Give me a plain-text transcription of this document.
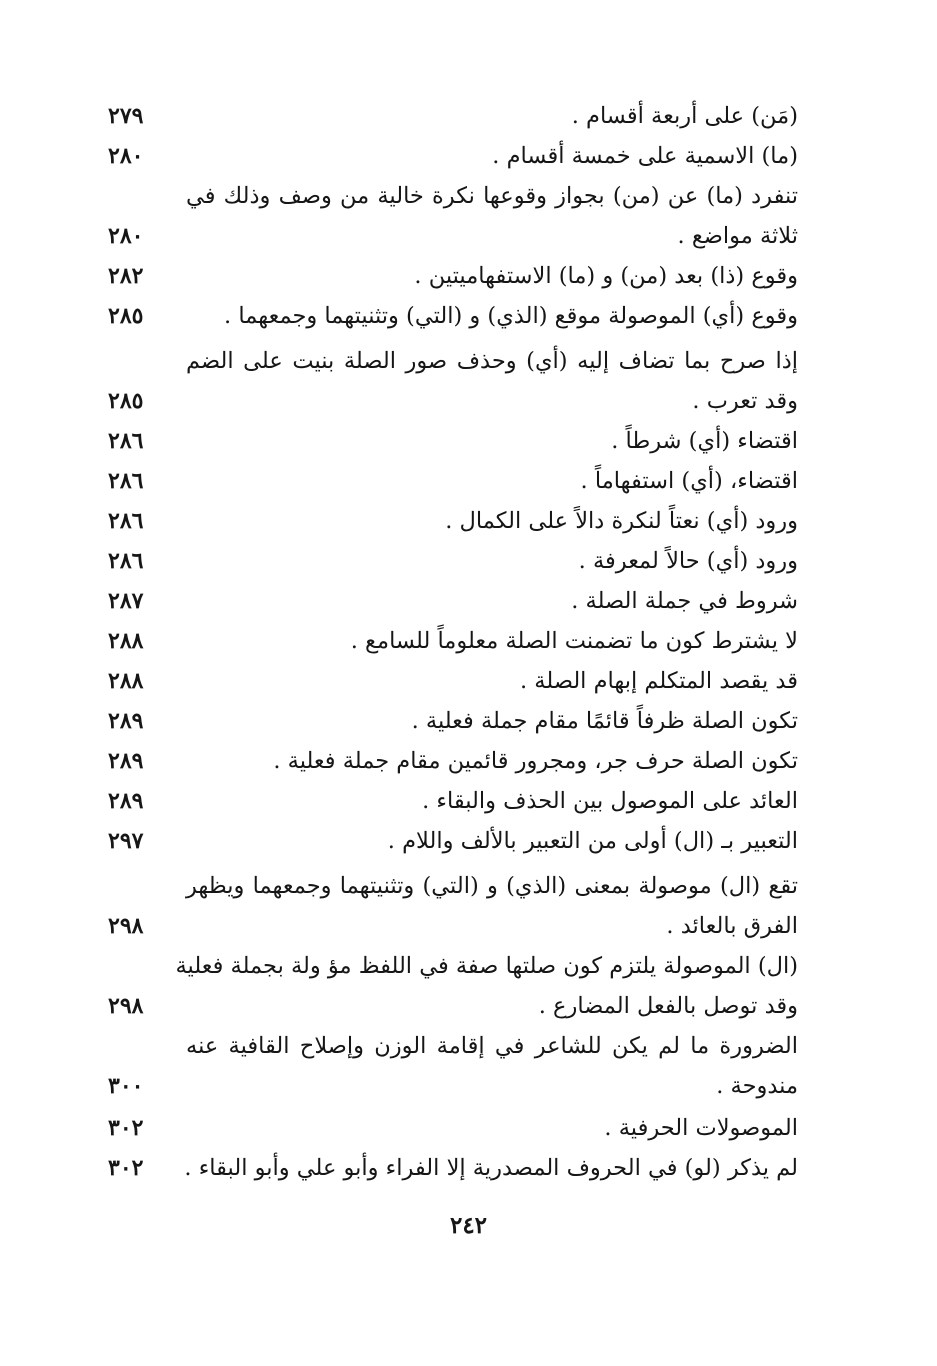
(مَن) على أربعة أقسام .
٢٧٩
(ما) الاسمية على خمسة أقسام .
٢٨٠
تنفرد (ما) عن (من) بجواز وقوعها نكرة خالية من وصف وذلك في
ثلاثة مواضع .
٢٨٠
وقوع (ذا) بعد (من) و (ما) الاستفهاميتين .
٢٨٢
وقوع (أي) الموصولة موقع (الذي) و (التي) وتثنيتهما وجمعهما .
٢٨٥
إذا صرح بما تضاف إليه (أي) وحذف صور الصلة بنيت على الضم
وقد تعرب .
٢٨٥
اقتضاء (أي) شرطاً .
٢٨٦
اقتضاء، (أي) استفهاماً .
٢٨٦
ورود (أي) نعتاً لنكرة دالاً على الكمال .
٢٨٦
ورود (أي) حالاً لمعرفة .
٢٨٦
شروط في جملة الصلة .
٢٨٧
لا يشترط كون ما تضمنت الصلة معلوماً للسامع .
٢٨٨
قد يقصد المتكلم إبهام الصلة .
٢٨٨
تكون الصلة ظرفاً قائمًا مقام جملة فعلية .
٢٨٩
تكون الصلة حرف جر، ومجرور قائمين مقام جملة فعلية .
٢٨٩
العائد على الموصول بين الحذف والبقاء .
٢٨٩
التعبير بـ (ال) أولى من التعبير بالألف واللام .
٢٩٧
تقع (ال) موصولة بمعنى (الذي) و (التي) وتثنيتهما وجمعهما ويظهر
الفرق بالعائد .
٢٩٨
(ال) الموصولة يلتزم كون صلتها صفة في اللفظ مؤ ولة بجملة فعلية
وقد توصل بالفعل المضارع .
٢٩٨
الضرورة ما لم يكن للشاعر في إقامة الوزن وإصلاح القافية عنه
مندوحة .
٣٠٠
الموصولات الحرفية .
٣٠٢
لم يذكر (لو) في الحروف المصدرية إلا الفراء وأبو علي وأبو البقاء .
٣٠٢
٢٤٢
